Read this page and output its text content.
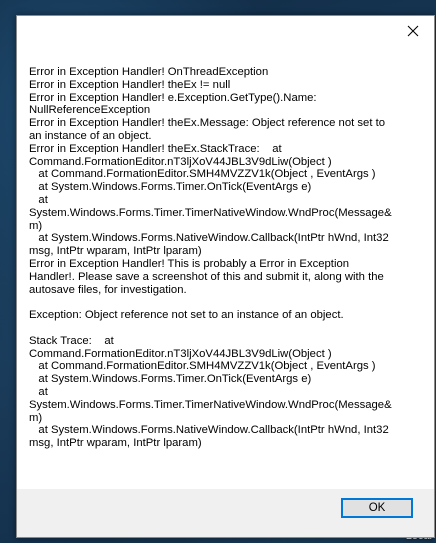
Error in Exception Handler! OnThreadException
Error in Exception Handler! theEx != null
Error in Exception Handler! e.Exception.GetType().Name:
NullReferenceException
Error in Exception Handler! theEx.Message: Object reference not set to
an instance of an object.
Error in Exception Handler! theEx.StackTrace:    at
Command.FormationEditor.nT3ljXoV44JBL3V9dLiw(Object )
at Command.FormationEditor.SMH4MVZZV1k(Object , EventArgs )
at System.Windows.Forms.Timer.OnTick(EventArgs e)
at
System.Windows.Forms.Timer.TimerNativeWindow.WndProc(Message&
m)
at System.Windows.Forms.NativeWindow.Callback(IntPtr hWnd, Int32
msg, IntPtr wparam, IntPtr lparam)
Error in Exception Handler! This is probably a Error in Exception
Handler!. Please save a screenshot of this and submit it, along with the
autosave files, for investigation.
Exception: Object reference not set to an instance of an object.
Stack Trace:    at
Command.FormationEditor.nT3ljXoV44JBL3V9dLiw(Object )
at Command.FormationEditor.SMH4MVZZV1k(Object , EventArgs )
at System.Windows.Forms.Timer.OnTick(EventArgs e)
at
System.Windows.Forms.Timer.TimerNativeWindow.WndProc(Message&
m)
at System.Windows.Forms.NativeWindow.Callback(IntPtr hWnd, Int32
msg, IntPtr wparam, IntPtr lparam)
OK
